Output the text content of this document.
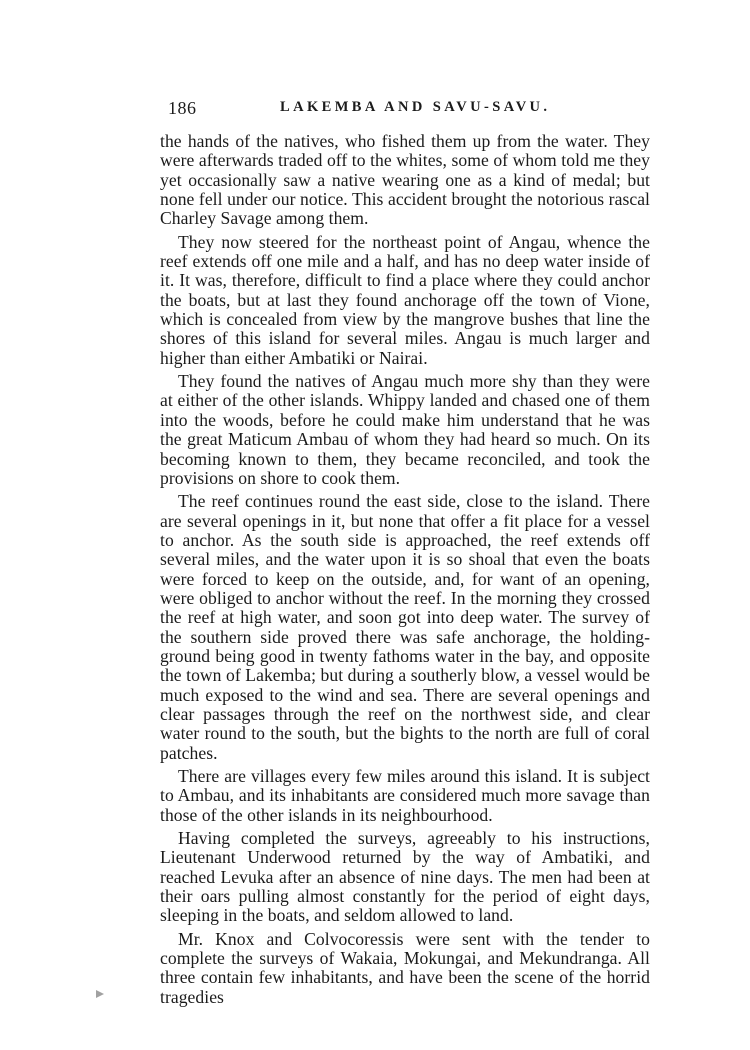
186	LAKEMBA AND SAVU-SAVU.

the hands of the natives, who fished them up from the water. They were afterwards traded off to the whites, some of whom told me they yet occasionally saw a native wearing one as a kind of medal; but none fell under our notice. This accident brought the notorious rascal Charley Savage among them.

They now steered for the northeast point of Angau, whence the reef extends off one mile and a half, and has no deep water inside of it. It was, therefore, difficult to find a place where they could anchor the boats, but at last they found anchorage off the town of Vione, which is concealed from view by the mangrove bushes that line the shores of this island for several miles. Angau is much larger and higher than either Ambatiki or Nairai.

They found the natives of Angau much more shy than they were at either of the other islands. Whippy landed and chased one of them into the woods, before he could make him understand that he was the great Maticum Ambau of whom they had heard so much. On its becoming known to them, they became reconciled, and took the provisions on shore to cook them.

The reef continues round the east side, close to the island. There are several openings in it, but none that offer a fit place for a vessel to anchor. As the south side is approached, the reef extends off several miles, and the water upon it is so shoal that even the boats were forced to keep on the outside, and, for want of an opening, were obliged to anchor without the reef. In the morning they crossed the reef at high water, and soon got into deep water. The survey of the southern side proved there was safe anchorage, the holding-ground being good in twenty fathoms water in the bay, and opposite the town of Lakemba; but during a southerly blow, a vessel would be much exposed to the wind and sea. There are several openings and clear passages through the reef on the northwest side, and clear water round to the south, but the bights to the north are full of coral patches.

There are villages every few miles around this island. It is subject to Ambau, and its inhabitants are considered much more savage than those of the other islands in its neighbourhood.

Having completed the surveys, agreeably to his instructions, Lieutenant Underwood returned by the way of Ambatiki, and reached Levuka after an absence of nine days. The men had been at their oars pulling almost constantly for the period of eight days, sleeping in the boats, and seldom allowed to land.

Mr. Knox and Colvocoressis were sent with the tender to complete the surveys of Wakaia, Mokungai, and Mekundranga. All three contain few inhabitants, and have been the scene of the horrid tragedies
